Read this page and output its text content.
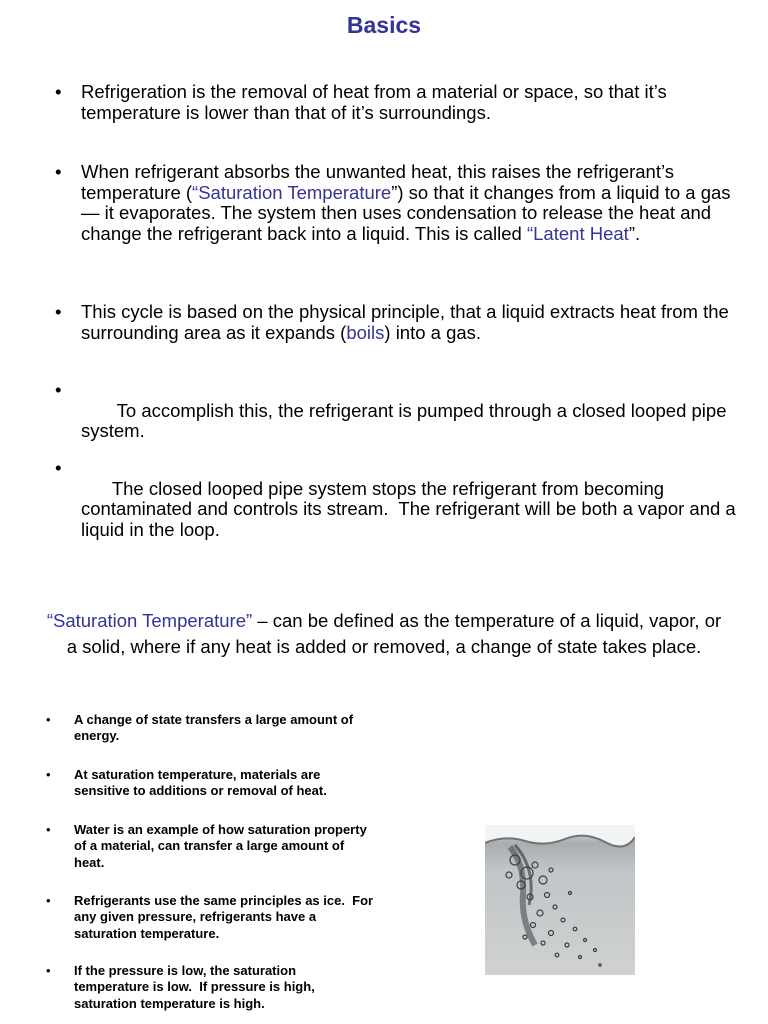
Basics
• Refrigeration is the removal of heat from a material or space, so that it’s temperature is lower than that of it’s surroundings.
• When refrigerant absorbs the unwanted heat, this raises the refrigerant’s temperature (“Saturation Temperature”) so that it changes from a liquid to a gas — it evaporates. The system then uses condensation to release the heat and change the refrigerant back into a liquid. This is called “Latent Heat”.
• This cycle is based on the physical principle, that a liquid extracts heat from the surrounding area as it expands (boils) into a gas.
•

To accomplish this, the refrigerant is pumped through a closed looped pipe system.

•

The closed looped pipe system stops the refrigerant from becoming contaminated and controls its stream.  The refrigerant will be both a vapor and a liquid in the loop.

“Saturation Temperature” – can be defined as the temperature of a liquid, vapor, or a solid, where if any heat is added or removed, a change of state takes place.
• A change of state transfers a large amount of energy.
• At saturation temperature, materials are sensitive to additions or removal of heat.
• Water is an example of how saturation property of a material, can transfer a large amount of heat.
• Refrigerants use the same principles as ice.  For any given pressure, refrigerants have a saturation temperature.
• If the pressure is low, the saturation temperature is low.  If pressure is high, saturation temperature is high.
